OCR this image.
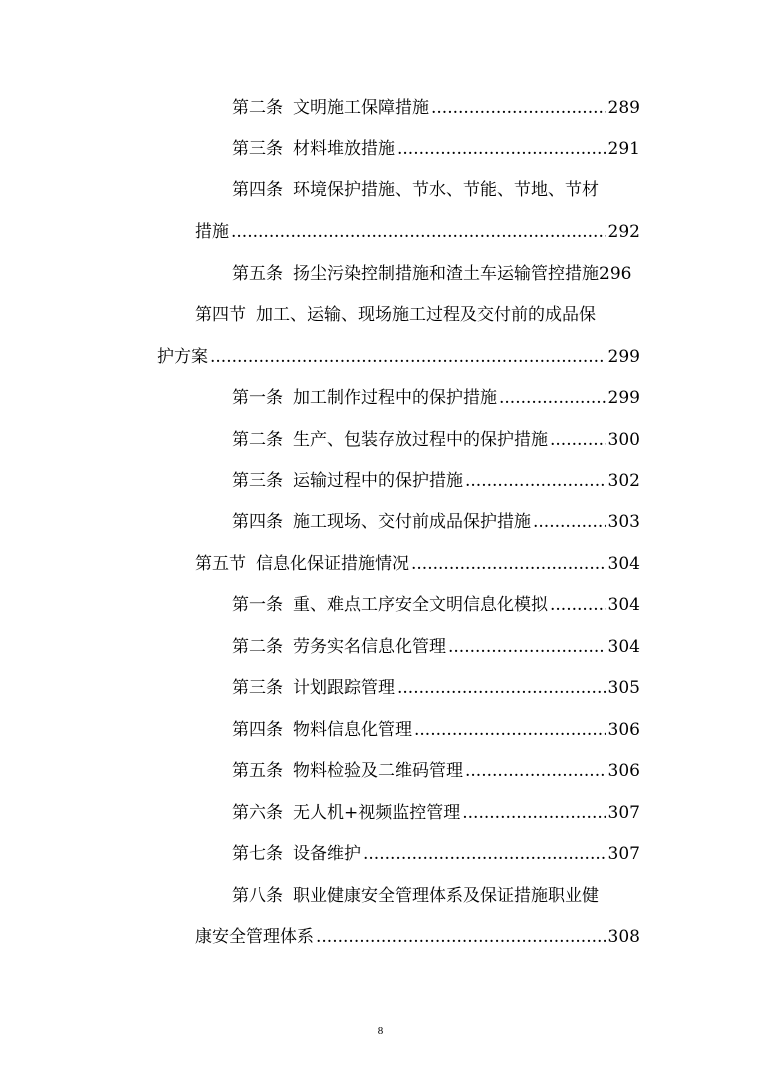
第二条 文明施工保障措施 .....	289
第三条 材料堆放措施 .....	291
第四条 环境保护措施、节水、节能、节地、节材
措施 .....	292
第五条 扬尘污染控制措施和渣土车运输管控措施 296
第四节 加工、运输、现场施工过程及交付前的成品保
护方案 .....	299
第一条 加工制作过程中的保护措施 .....	299
第二条 生产、包装存放过程中的保护措施 .....	300
第三条 运输过程中的保护措施 .....	302
第四条 施工现场、交付前成品保护措施 .....	303
第五节 信息化保证措施情况 .....	304
第一条 重、难点工序安全文明信息化模拟 .....	304
第二条 劳务实名信息化管理 .....	304
第三条 计划跟踪管理 .....	305
第四条 物料信息化管理 .....	306
第五条 物料检验及二维码管理 .....	306
第六条 无人机+视频监控管理 .....	307
第七条 设备维护 .....	307
第八条 职业健康安全管理体系及保证措施职业健
康安全管理体系 .....	308
8
